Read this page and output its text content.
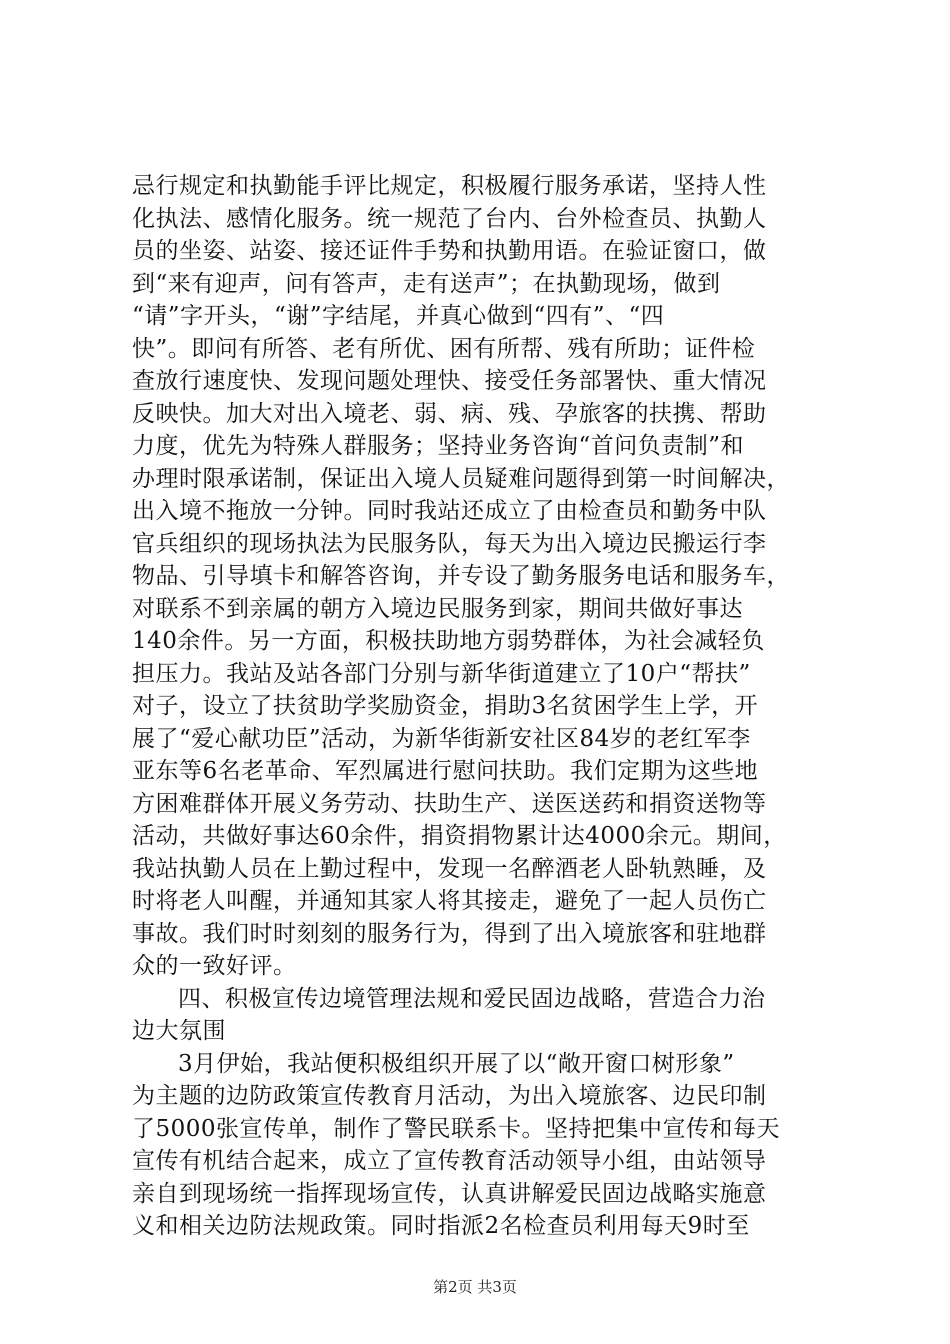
忌行规定和执勤能手评比规定，积极履行服务承诺，坚持人性
化执法、感情化服务。统一规范了台内、台外检查员、执勤人
员的坐姿、站姿、接还证件手势和执勤用语。在验证窗口，做
到“来有迎声，问有答声，走有送声”；在执勤现场，做到
“请”字开头，“谢”字结尾，并真心做到“四有”、“四
快”。即问有所答、老有所优、困有所帮、残有所助；证件检
查放行速度快、发现问题处理快、接受任务部署快、重大情况
反映快。加大对出入境老、弱、病、残、孕旅客的扶携、帮助
力度，优先为特殊人群服务；坚持业务咨询“首问负责制”和
办理时限承诺制，保证出入境人员疑难问题得到第一时间解决，
出入境不拖放一分钟。同时我站还成立了由检查员和勤务中队
官兵组织的现场执法为民服务队，每天为出入境边民搬运行李
物品、引导填卡和解答咨询，并专设了勤务服务电话和服务车，
对联系不到亲属的朝方入境边民服务到家，期间共做好事达
140余件。另一方面，积极扶助地方弱势群体，为社会减轻负
担压力。我站及站各部门分别与新华街道建立了10户“帮扶”
对子，设立了扶贫助学奖励资金，捐助3名贫困学生上学，开
展了“爱心献功臣”活动，为新华街新安社区84岁的老红军李
亚东等6名老革命、军烈属进行慰问扶助。我们定期为这些地
方困难群体开展义务劳动、扶助生产、送医送药和捐资送物等
活动，共做好事达60余件，捐资捐物累计达4000余元。期间，
我站执勤人员在上勤过程中，发现一名醉酒老人卧轨熟睡，及
时将老人叫醒，并通知其家人将其接走，避免了一起人员伤亡
事故。我们时时刻刻的服务行为，得到了出入境旅客和驻地群
众的一致好评。
四、积极宣传边境管理法规和爱民固边战略，营造合力治
边大氛围
3月伊始，我站便积极组织开展了以“敞开窗口树形象”
为主题的边防政策宣传教育月活动，为出入境旅客、边民印制
了5000张宣传单，制作了警民联系卡。坚持把集中宣传和每天
宣传有机结合起来，成立了宣传教育活动领导小组，由站领导
亲自到现场统一指挥现场宣传，认真讲解爱民固边战略实施意
义和相关边防法规政策。同时指派2名检查员利用每天9时至
第2页 共3页
